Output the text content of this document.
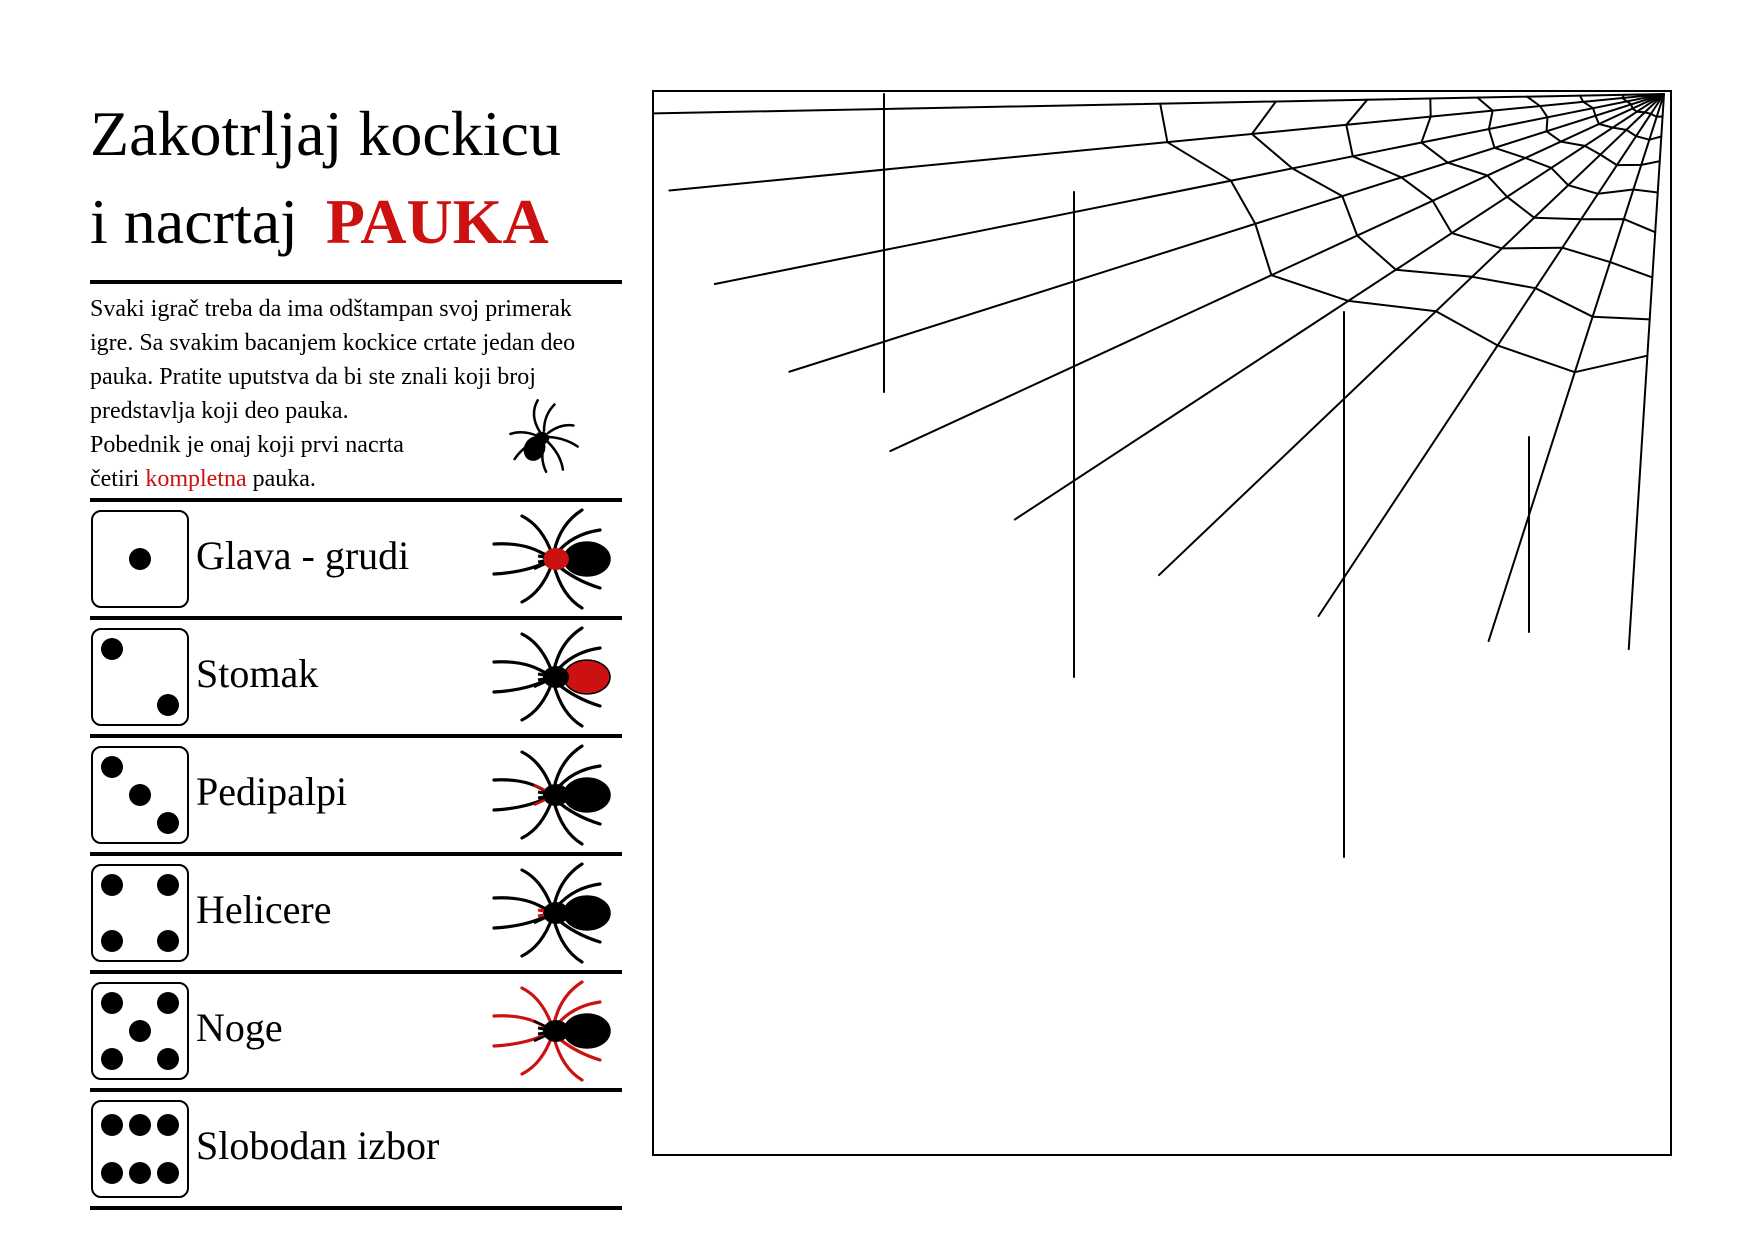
Zakotrljaj kockicu
i nacrtaj PAUKA

Svaki igrač treba da ima odštampan svoj primerak

igre. Sa svakim bacanjem kockice crtate jedan deo

pauka. Pratite uputstva da bi ste znali koji broj

predstavlja koji deo pauka.

Pobednik je onaj koji prvi nacrta

četiri kompletna pauka.

Glava - grudi
Stomak
Pedipalpi
Helicere
Noge
Slobodan izbor
